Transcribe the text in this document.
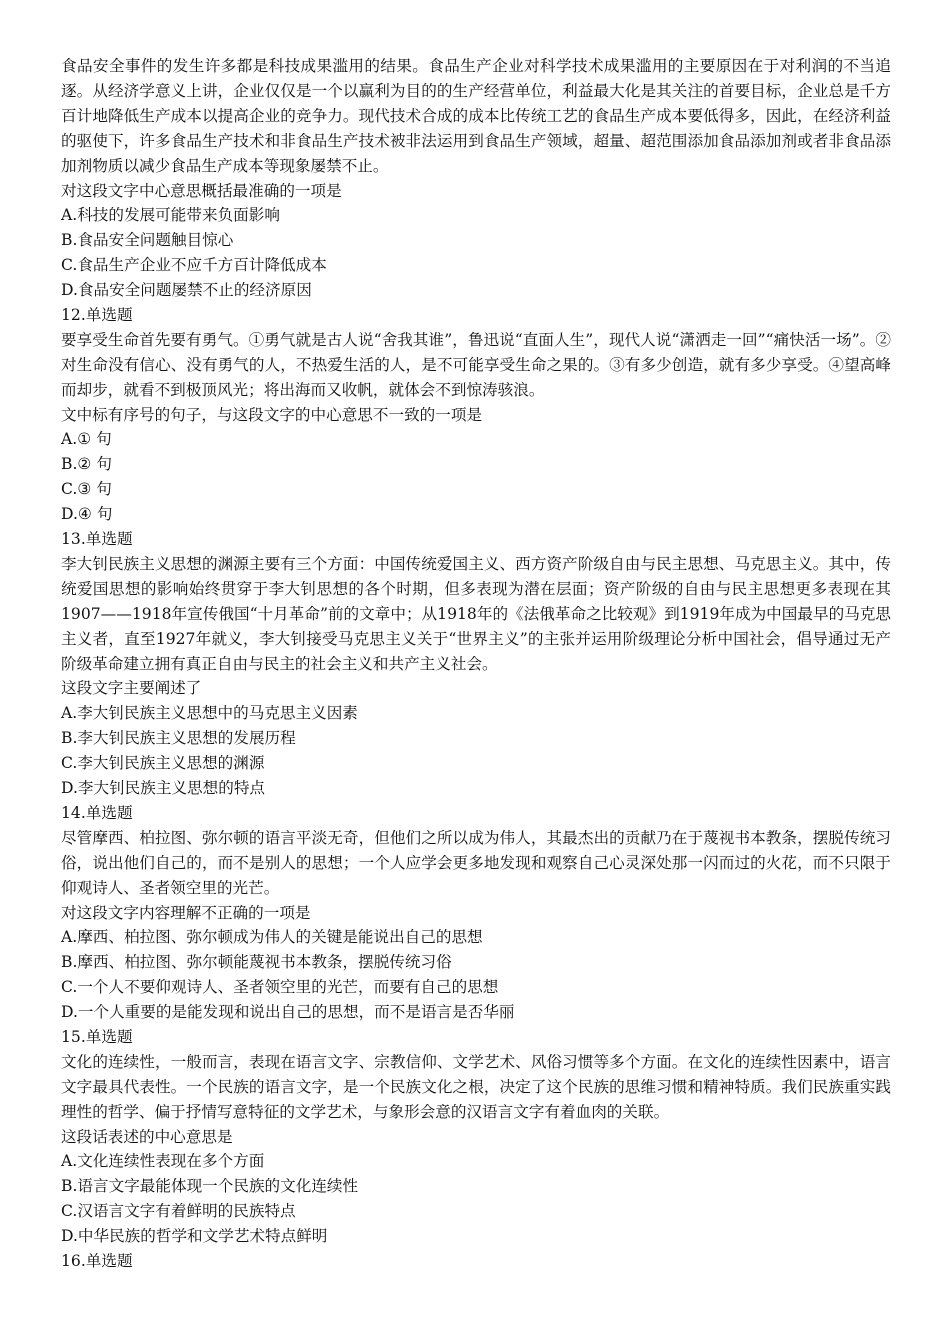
食品安全事件的发生许多都是科技成果滥用的结果。食品生产企业对科学技术成果滥用的主要原因在于对利润的不当追逐。从经济学意义上讲，企业仅仅是一个以赢利为目的的生产经营单位，利益最大化是其关注的首要目标，企业总是千方百计地降低生产成本以提高企业的竞争力。现代技术合成的成本比传统工艺的食品生产成本要低得多，因此，在经济利益的驱使下，许多食品生产技术和非食品生产技术被非法运用到食品生产领域，超量、超范围添加食品添加剂或者非食品添加剂物质以减少食品生产成本等现象屡禁不止。
对这段文字中心意思概括最准确的一项是
A.科技的发展可能带来负面影响
B.食品安全问题触目惊心
C.食品生产企业不应千方百计降低成本
D.食品安全问题屡禁不止的经济原因
12.单选题
要享受生命首先要有勇气。①勇气就是古人说“舍我其谁”，鲁迅说“直面人生”，现代人说“潇洒走一回”“痛快活一场”。②对生命没有信心、没有勇气的人，不热爱生活的人，是不可能享受生命之果的。③有多少创造，就有多少享受。④望高峰而却步，就看不到极顶风光；将出海而又收帆，就体会不到惊涛骇浪。
文中标有序号的句子，与这段文字的中心意思不一致的一项是
A.① 句
B.② 句
C.③ 句
D.④ 句
13.单选题
李大钊民族主义思想的渊源主要有三个方面：中国传统爱国主义、西方资产阶级自由与民主思想、马克思主义。其中，传统爱国思想的影响始终贯穿于李大钊思想的各个时期，但多表现为潜在层面；资产阶级的自由与民主思想更多表现在其1907——1918年宣传俄国“十月革命”前的文章中；从1918年的《法俄革命之比较观》到1919年成为中国最早的马克思主义者，直至1927年就义，李大钊接受马克思主义关于“世界主义”的主张并运用阶级理论分析中国社会，倡导通过无产阶级革命建立拥有真正自由与民主的社会主义和共产主义社会。
这段文字主要阐述了
A.李大钊民族主义思想中的马克思主义因素
B.李大钊民族主义思想的发展历程
C.李大钊民族主义思想的渊源
D.李大钊民族主义思想的特点
14.单选题
尽管摩西、柏拉图、弥尔顿的语言平淡无奇，但他们之所以成为伟人，其最杰出的贡献乃在于蔑视书本教条，摆脱传统习俗，说出他们自己的，而不是别人的思想；一个人应学会更多地发现和观察自己心灵深处那一闪而过的火花，而不只限于仰观诗人、圣者领空里的光芒。
对这段文字内容理解不正确的一项是
A.摩西、柏拉图、弥尔顿成为伟人的关键是能说出自己的思想
B.摩西、柏拉图、弥尔顿能蔑视书本教条，摆脱传统习俗
C.一个人不要仰观诗人、圣者领空里的光芒，而要有自己的思想
D.一个人重要的是能发现和说出自己的思想，而不是语言是否华丽
15.单选题
文化的连续性，一般而言，表现在语言文字、宗教信仰、文学艺术、风俗习惯等多个方面。在文化的连续性因素中，语言文字最具代表性。一个民族的语言文字，是一个民族文化之根，决定了这个民族的思维习惯和精神特质。我们民族重实践理性的哲学、偏于抒情写意特征的文学艺术，与象形会意的汉语言文字有着血肉的关联。
这段话表述的中心意思是
A.文化连续性表现在多个方面
B.语言文字最能体现一个民族的文化连续性
C.汉语言文字有着鲜明的民族特点
D.中华民族的哲学和文学艺术特点鲜明
16.单选题
